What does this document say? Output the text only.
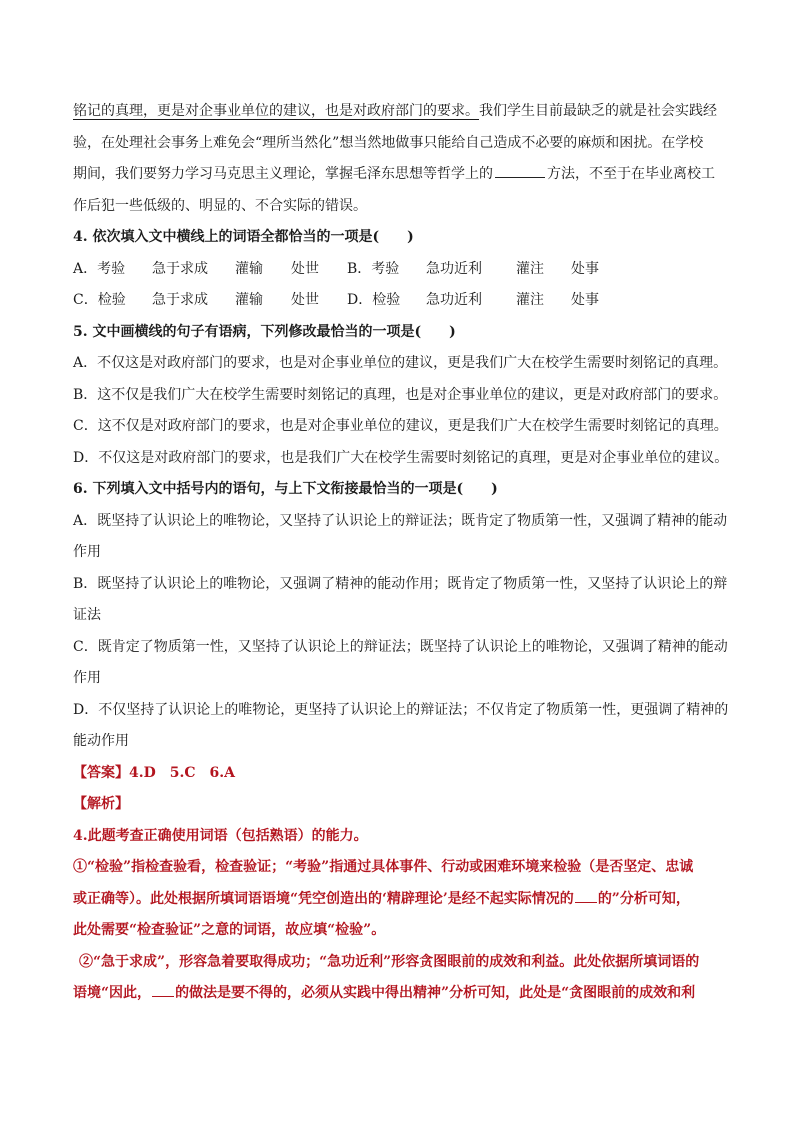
铭记的真理，更是对企事业单位的建议，也是对政府部门的要求。我们学生目前最缺乏的就是社会实践经
验，在处理社会事务上难免会“理所当然化”想当然地做事只能给自己造成不必要的麻烦和困扰。在学校
期间，我们要努力学习马克思主义理论，掌握毛泽东思想等哲学上的	方法，不至于在毕业离校工
作后犯一些低级的、明显的、不合实际的错误。
4. 依次填入文中横线上的词语全都恰当的一项是(　　)
A．考验 急于求成 灌输 处世 B．考验 急功近利 灌注 处事
C．检验 急于求成 灌输 处世 D．检验 急功近利 灌注 处事
5. 文中画横线的句子有语病，下列修改最恰当的一项是(　　)
A．不仅这是对政府部门的要求，也是对企事业单位的建议，更是我们广大在校学生需要时刻铭记的真理。
B．这不仅是我们广大在校学生需要时刻铭记的真理，也是对企事业单位的建议，更是对政府部门的要求。
C．这不仅是对政府部门的要求，也是对企事业单位的建议，更是我们广大在校学生需要时刻铭记的真理。
D．不仅这是对政府部门的要求，也是我们广大在校学生需要时刻铭记的真理，更是对企事业单位的建议。
6. 下列填入文中括号内的语句，与上下文衔接最恰当的一项是(　　)
A．既坚持了认识论上的唯物论，又坚持了认识论上的辩证法；既肯定了物质第一性，又强调了精神的能动
作用
B．既坚持了认识论上的唯物论，又强调了精神的能动作用；既肯定了物质第一性，又坚持了认识论上的辩
证法
C．既肯定了物质第一性，又坚持了认识论上的辩证法；既坚持了认识论上的唯物论，又强调了精神的能动
作用
D．不仅坚持了认识论上的唯物论，更坚持了认识论上的辩证法；不仅肯定了物质第一性，更强调了精神的
能动作用
【答案】4.D　5.C　6.A
【解析】
4.此题考查正确使用词语（包括熟语）的能力。
①“检验”指检查验看，检查验证；“考验”指通过具体事件、行动或困难环境来检验（是否坚定、忠诚
或正确等）。此处根据所填词语语境“凭空创造出的‘精辟理论’是经不起实际情况的 的”分析可知，
此处需要“检查验证”之意的词语，故应填“检验”。
②“急于求成”，形容急着要取得成功；“急功近利”形容贪图眼前的成效和利益。此处依据所填词语的
语境“因此， 的做法是要不得的，必须从实践中得出精神”分析可知，此处是“贪图眼前的成效和利
